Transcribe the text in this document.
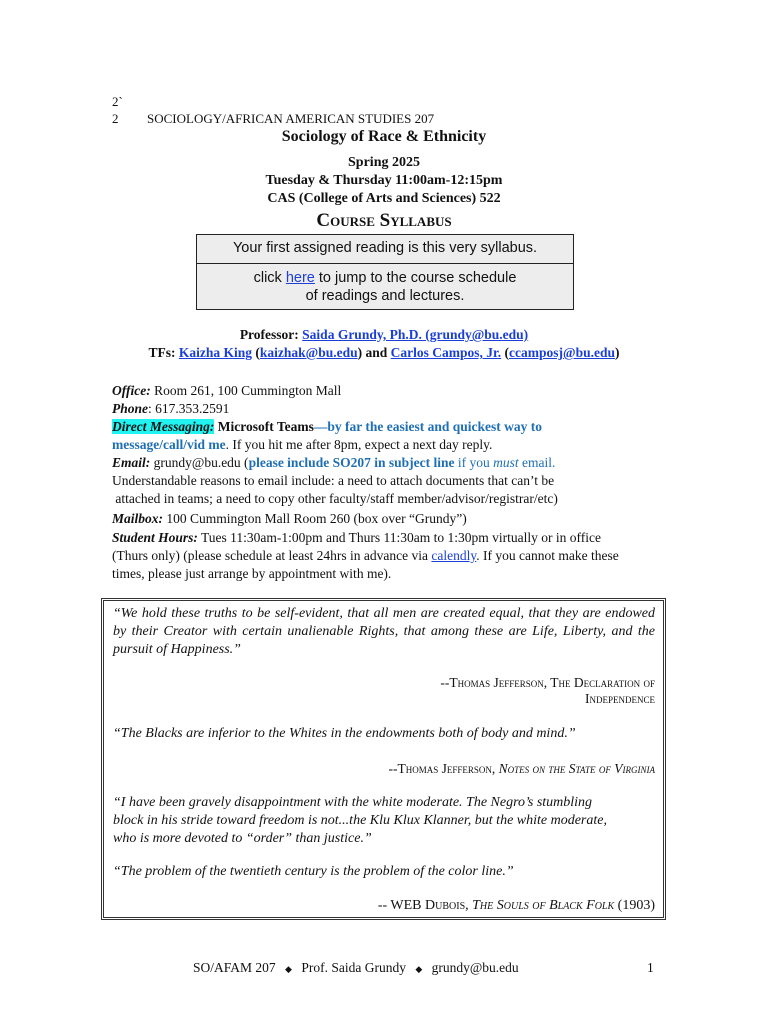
2`
2 SOCIOLOGY/AFRICAN AMERICAN STUDIES 207
Sociology of Race & Ethnicity
Spring 2025
Tuesday & Thursday 11:00am-12:15pm
CAS (College of Arts and Sciences) 522
Course Syllabus
Your first assigned reading is this very syllabus.
click here to jump to the course schedule
of readings and lectures.
Professor: Saida Grundy, Ph.D. (grundy@bu.edu)
TFs: Kaizha King (kaizhak@bu.edu) and Carlos Campos, Jr. (ccamposj@bu.edu)
Office: Room 261, 100 Cummington Mall
Phone: 617.353.2591
Direct Messaging: Microsoft Teams—by far the easiest and quickest way to
message/call/vid me. If you hit me after 8pm, expect a next day reply.
Email: grundy@bu.edu (please include SO207 in subject line if you must email.
Understandable reasons to email include: a need to attach documents that can’t be
attached in teams; a need to copy other faculty/staff member/advisor/registrar/etc)
Mailbox: 100 Cummington Mall Room 260 (box over “Grundy”)
Student Hours: Tues 11:30am-1:00pm and Thurs 11:30am to 1:30pm virtually or in office
(Thurs only) (please schedule at least 24hrs in advance via calendly. If you cannot make these
times, please just arrange by appointment with me).
“We hold these truths to be self-evident, that all men are created equal, that they are endowed by their Creator with certain unalienable Rights, that among these are Life, Liberty, and the pursuit of Happiness.”
--Thomas Jefferson, The Declaration of
Independence
“The Blacks are inferior to the Whites in the endowments both of body and mind.”
--Thomas Jefferson, Notes on the State of Virginia
“I have been gravely disappointment with the white moderate. The Negro’s stumbling
block in his stride toward freedom is not...the Klu Klux Klanner, but the white moderate,
who is more devoted to “order” than justice.”
“The problem of the twentieth century is the problem of the color line.”
-- WEB Dubois, The Souls of Black Folk (1903)
SO/AFAM 207 ◆ Prof. Saida Grundy ◆ grundy@bu.edu	1
